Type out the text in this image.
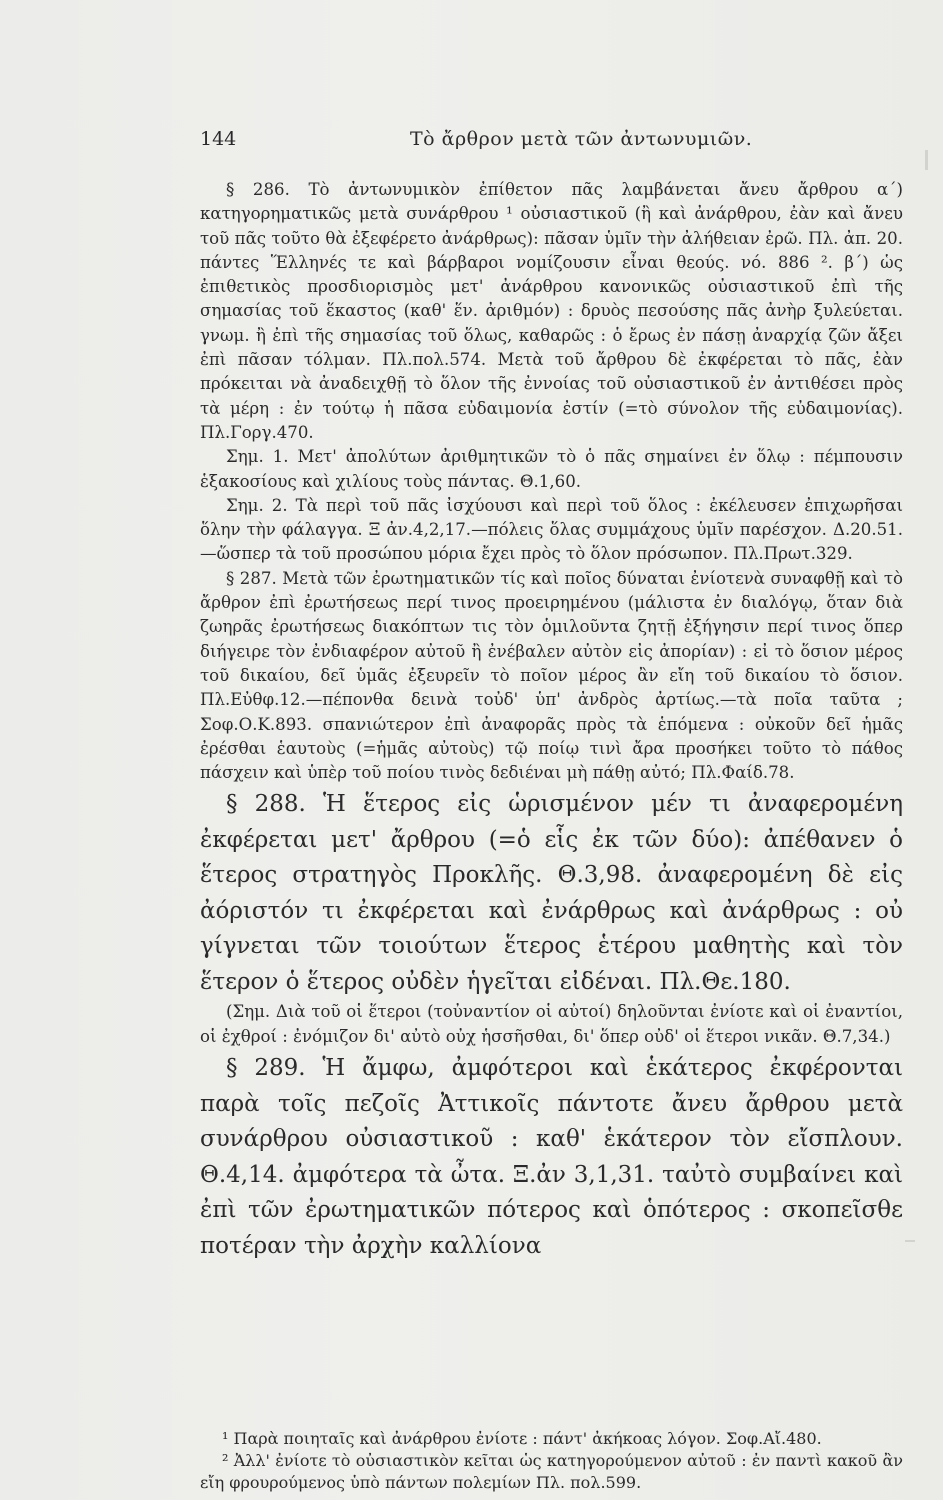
144	Τὸ ἄρθρον μετὰ τῶν ἀντωνυμιῶν.

§ 286. Τὸ ἀντωνυμικὸν ἐπίθετον πᾶς λαμβάνεται ἄνευ ἄρθρου α΄) κατηγορηματικῶς μετὰ συνάρθρου ¹ οὐσιαστικοῦ (ἢ καὶ ἀνάρθρου, ἐὰν καὶ ἄνευ τοῦ πᾶς τοῦτο θὰ ἐξεφέρετο ἀνάρθρως): πᾶσαν ὑμῖν τὴν ἀλήθειαν ἐρῶ. Πλ. ἀπ. 20. πάντες Ἕλληνές τε καὶ βάρβαροι νομίζουσιν εἶναι θεούς. νό. 886 ². β΄) ὡς ἐπιθετικὸς προσδιορισμὸς μετ' ἀνάρθρου κανονικῶς οὐσιαστικοῦ ἐπὶ τῆς σημασίας τοῦ ἕκαστος (καθ' ἕν. ἀριθμόν) : δρυὸς πεσούσης πᾶς ἀνὴρ ξυλεύεται. γνωμ. ἢ ἐπὶ τῆς σημασίας τοῦ ὅλως, καθαρῶς : ὁ ἔρως ἐν πάσῃ ἀναρχίᾳ ζῶν ἄξει ἐπὶ πᾶσαν τόλμαν. Πλ.πολ.574. Μετὰ τοῦ ἄρθρου δὲ ἐκφέρεται τὸ πᾶς, ἐὰν πρόκειται νὰ ἀναδειχθῇ τὸ ὅλον τῆς ἐννοίας τοῦ οὐσιαστικοῦ ἐν ἀντιθέσει πρὸς τὰ μέρη : ἐν τούτῳ ἡ πᾶσα εὐδαιμονία ἐστίν (=τὸ σύνολον τῆς εὐδαιμονίας). Πλ.Γοργ.470.

Σημ. 1. Μετ' ἀπολύτων ἀριθμητικῶν τὸ ὁ πᾶς σημαίνει ἐν ὅλῳ : πέμπουσιν ἑξακοσίους καὶ χιλίους τοὺς πάντας. Θ.1,60.

Σημ. 2. Τὰ περὶ τοῦ πᾶς ἰσχύουσι καὶ περὶ τοῦ ὅλος : ἐκέλευσεν ἐπιχωρῆσαι ὅλην τὴν φάλαγγα. Ξ ἀν.4,2,17.—πόλεις ὅλας συμμάχους ὑμῖν παρέσχον. Δ.20.51.—ὥσπερ τὰ τοῦ προσώπου μόρια ἔχει πρὸς τὸ ὅλον πρόσωπον. Πλ.Πρωτ.329.

§ 287. Μετὰ τῶν ἐρωτηματικῶν τίς καὶ ποῖος δύναται ἐνίοτενὰ συναφθῇ καὶ τὸ ἄρθρον ἐπὶ ἐρωτήσεως περί τινος προειρημένου (μάλιστα ἐν διαλόγῳ, ὅταν διὰ ζωηρᾶς ἐρωτήσεως διακόπτων τις τὸν ὁμιλοῦντα ζητῇ ἐξήγησιν περί τινος ὅπερ διήγειρε τὸν ἐνδιαφέρον αὐτοῦ ἢ ἐνέβαλεν αὐτὸν εἰς ἀπορίαν) : εἰ τὸ ὅσιον μέρος τοῦ δικαίου, δεῖ ὑμᾶς ἐξευρεῖν τὸ ποῖον μέρος ἂν εἴη τοῦ δικαίου τὸ ὅσιον. Πλ.Εὐθφ.12.—πέπονθα δεινὰ τοὐδ' ὑπ' ἀνδρὸς ἀρτίως.—τὰ ποῖα ταῦτα ; Σοφ.Ο.Κ.893. σπανιώτερον ἐπὶ ἀναφορᾶς πρὸς τὰ ἑπόμενα : οὐκοῦν δεῖ ἡμᾶς ἐρέσθαι ἑαυτοὺς (=ἡμᾶς αὐτοὺς) τῷ ποίῳ τινὶ ἄρα προσήκει τοῦτο τὸ πάθος πάσχειν καὶ ὑπὲρ τοῦ ποίου τινὸς δεδιέναι μὴ πάθῃ αὐτό; Πλ.Φαίδ.78.

§ 288. Ἡ ἕτερος εἰς ὡρισμένον μέν τι ἀναφερομένη ἐκφέρεται μετ' ἄρθρου (=ὁ εἷς ἐκ τῶν δύο): ἀπέθανεν ὁ ἕτερος στρατηγὸς Προκλῆς. Θ.3,98. ἀναφερομένη δὲ εἰς ἀόριστόν τι ἐκφέρεται καὶ ἐνάρθρως καὶ ἀνάρθρως : οὐ γίγνεται τῶν τοιούτων ἕτερος ἑτέρου μαθητὴς καὶ τὸν ἕτερον ὁ ἕτερος οὐδὲν ἡγεῖται εἰδέναι. Πλ.Θε.180.

(Σημ. Διὰ τοῦ οἱ ἕτεροι (τοὐναντίον οἱ αὐτοί) δηλοῦνται ἐνίοτε καὶ οἱ ἐναντίοι, οἱ ἐχθροί : ἐνόμιζον δι' αὐτὸ οὐχ ἡσσῆσθαι, δι' ὅπερ οὐδ' οἱ ἕτεροι νικᾶν. Θ.7,34.)

§ 289. Ἡ ἄμφω, ἀμφότεροι καὶ ἑκάτερος ἐκφέρονται παρὰ τοῖς πεζοῖς Ἀττικοῖς πάντοτε ἄνευ ἄρθρου μετὰ συνάρθρου οὐσιαστικοῦ : καθ' ἑκάτερον τὸν εἴσπλουν. Θ.4,14. ἀμφότερα τὰ ὦτα. Ξ.ἀν 3,1,31. ταὐτὸ συμβαίνει καὶ ἐπὶ τῶν ἐρωτηματικῶν πότερος καὶ ὁπότερος : σκοπεῖσθε ποτέραν τὴν ἀρχὴν καλλίονα

¹ Παρὰ ποιηταῖς καὶ ἀνάρθρου ἐνίοτε : πάντ' ἀκήκοας λόγον. Σοφ.Αἴ.480.

² Ἀλλ' ἐνίοτε τὸ οὐσιαστικὸν κεῖται ὡς κατηγορούμενον αὐτοῦ : ἐν παντὶ κακοῦ ἂν εἴη φρουρούμενος ὑπὸ πάντων πολεμίων Πλ. πολ.599.
